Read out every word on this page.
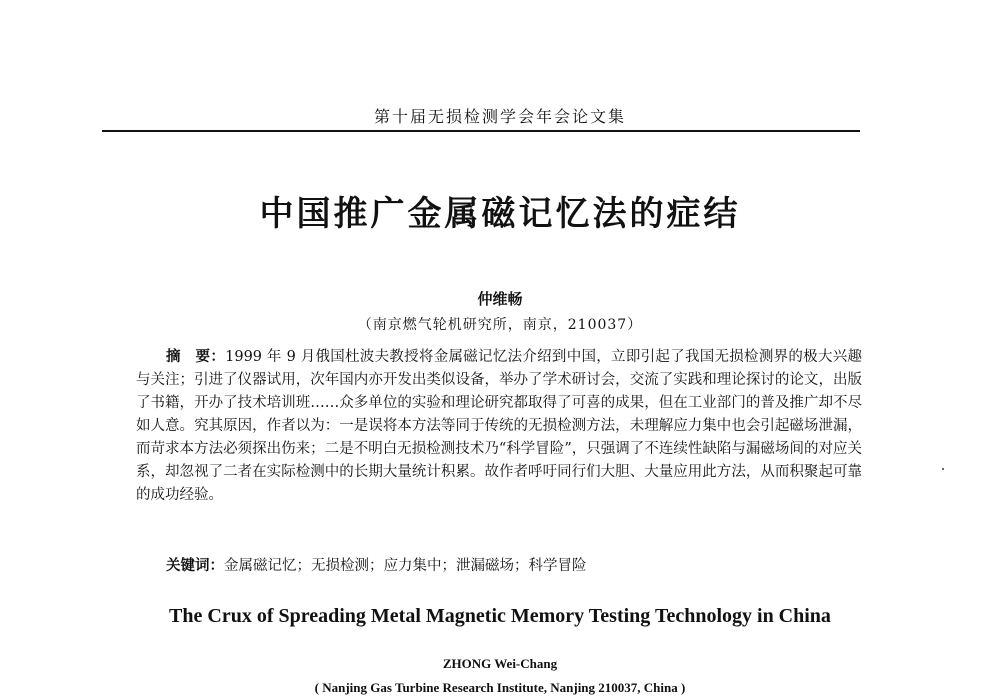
第十届无损检测学会年会论文集
中国推广金属磁记忆法的症结
仲维畅
（南京燃气轮机研究所，南京，210037）
摘　要：1999 年 9 月俄国杜波夫教授将金属磁记忆法介绍到中国，立即引起了我国无损检测界的极大兴趣与关注；引进了仪器试用，次年国内亦开发出类似设备，举办了学术研讨会，交流了实践和理论探讨的论文，出版了书籍，开办了技术培训班……众多单位的实验和理论研究都取得了可喜的成果，但在工业部门的普及推广却不尽如人意。究其原因，作者以为：一是误将本方法等同于传统的无损检测方法，未理解应力集中也会引起磁场泄漏，而苛求本方法必须探出伤来；二是不明白无损检测技术乃“科学冒险”，只强调了不连续性缺陷与漏磁场间的对应关系，却忽视了二者在实际检测中的长期大量统计积累。故作者呼吁同行们大胆、大量应用此方法，从而积聚起可靠的成功经验。
关键词：金属磁记忆；无损检测；应力集中；泄漏磁场；科学冒险
The Crux of Spreading Metal Magnetic Memory Testing Technology in China
ZHONG Wei-Chang
( Nanjing Gas Turbine Research Institute, Nanjing 210037, China )
